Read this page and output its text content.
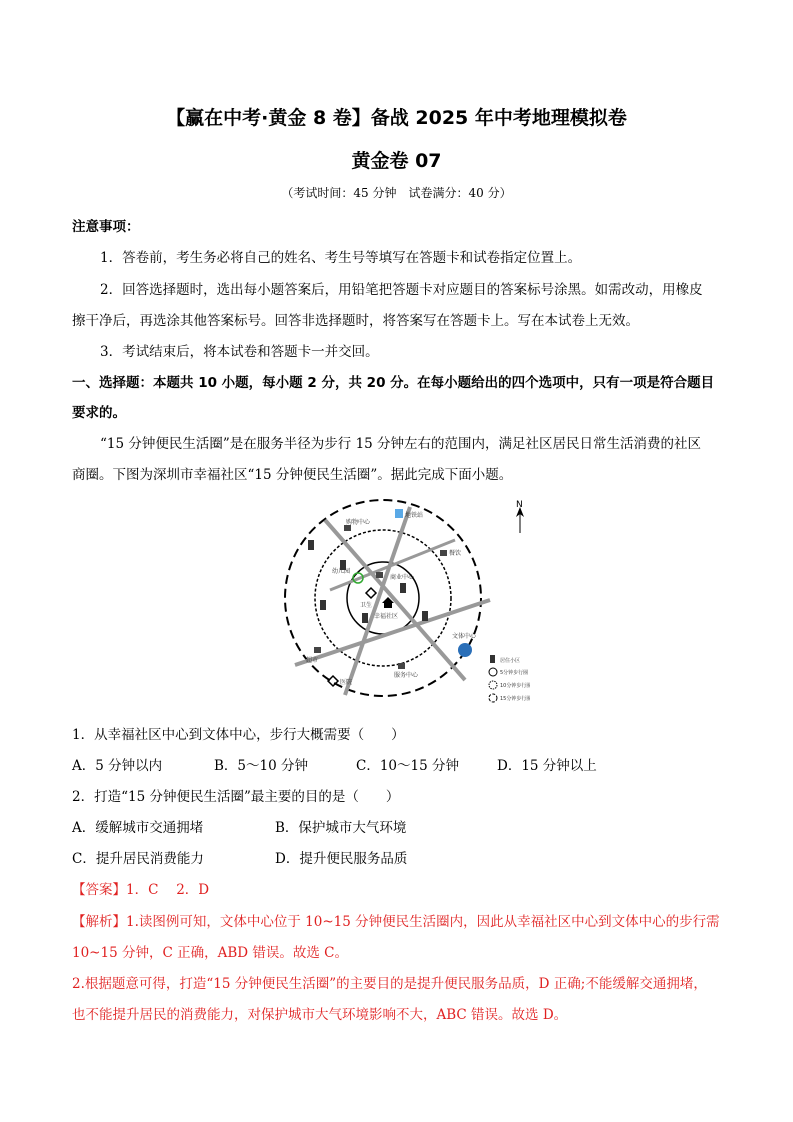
【赢在中考·黄金 8 卷】备战 2025 年中考地理模拟卷
黄金卷 07
（考试时间：45 分钟　试卷满分：40 分）
注意事项：
1．答卷前，考生务必将自己的姓名、考生号等填写在答题卡和试卷指定位置上。
2．回答选择题时，选出每小题答案后，用铅笔把答题卡对应题目的答案标号涂黑。如需改动，用橡皮
擦干净后，再选涂其他答案标号。回答非选择题时，将答案写在答题卡上。写在本试卷上无效。
3．考试结束后，将本试卷和答题卡一并交回。
一、选择题：本题共 10 小题，每小题 2 分，共 20 分。在每小题给出的四个选项中，只有一项是符合题目
要求的。
“15 分钟便民生活圈”是在服务半径为步行 15 分钟左右的范围内，满足社区居民日常生活消费的社区
商圈。下图为深圳市幸福社区“15 分钟便民生活圈”。据此完成下面小题。
N
地铁站
购物中心
餐饮
幼儿园
商业中心
卫生
幸福社区
超市
服务中心
医院
文体中心
居住小区
5分钟步行圈
10分钟步行圈
15分钟步行圈
1．从幸福社区中心到文体中心，步行大概需要（　　）
A．5 分钟以内	B．5～10 分钟	C．10～15 分钟	D．15 分钟以上
2．打造“15 分钟便民生活圈”最主要的目的是（　　）
A．缓解城市交通拥堵	B．保护城市大气环境
C．提升居民消费能力	D．提升便民服务品质
【答案】1．C　 2．D
【解析】1.读图例可知，文体中心位于 10~15 分钟便民生活圈内，因此从幸福社区中心到文体中心的步行需
10~15 分钟，C 正确，ABD 错误。故选 C。
2.根据题意可得，打造“15 分钟便民生活圈”的主要目的是提升便民服务品质，D 正确;不能缓解交通拥堵，
也不能提升居民的消费能力，对保护城市大气环境影响不大，ABC 错误。故选 D。
